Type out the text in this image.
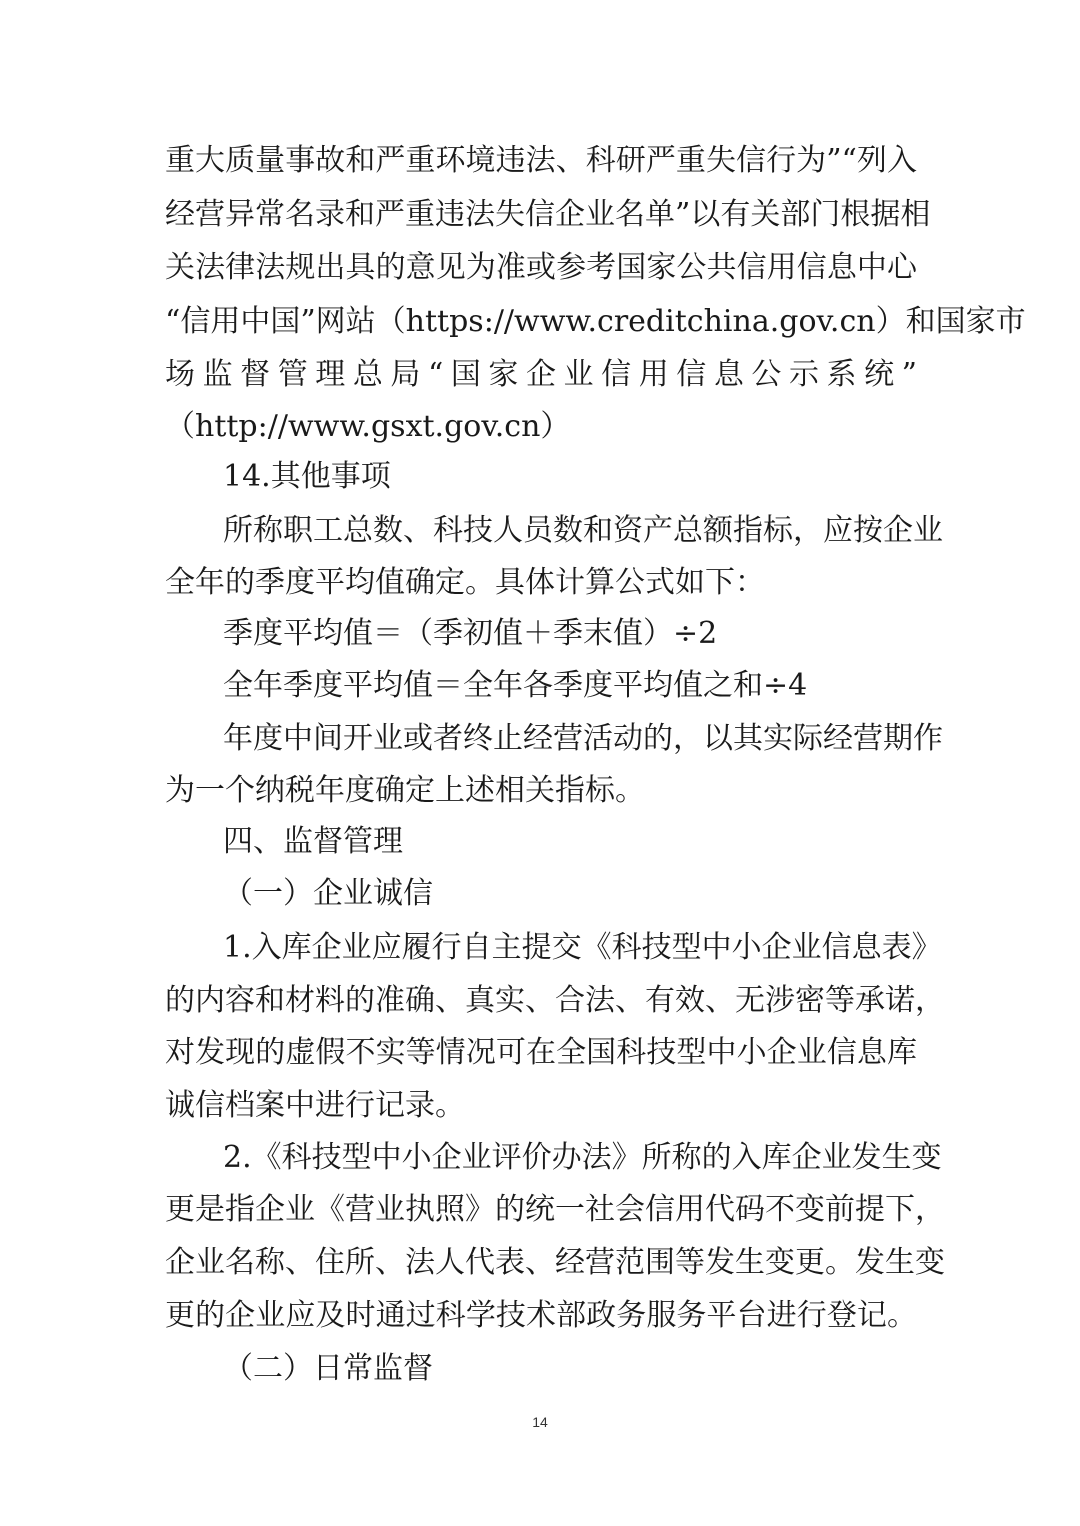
重大质量事故和严重环境违法、科研严重失信行为”“列入
经营异常名录和严重违法失信企业名单”以有关部门根据相
关法律法规出具的意见为准或参考国家公共信用信息中心
“信用中国”网站（https://www.creditchina.gov.cn）和国家市
场监督管理总局“国家企业信用信息公示系统”
（http://www.gsxt.gov.cn）
14.其他事项
所称职工总数、科技人员数和资产总额指标，应按企业
全年的季度平均值确定。具体计算公式如下：
季度平均值＝（季初值＋季末值）÷2
全年季度平均值＝全年各季度平均值之和÷4
年度中间开业或者终止经营活动的，以其实际经营期作
为一个纳税年度确定上述相关指标。
四、监督管理
（一）企业诚信
1.入库企业应履行自主提交《科技型中小企业信息表》
的内容和材料的准确、真实、合法、有效、无涉密等承诺，
对发现的虚假不实等情况可在全国科技型中小企业信息库
诚信档案中进行记录。
2.《科技型中小企业评价办法》所称的入库企业发生变
更是指企业《营业执照》的统一社会信用代码不变前提下，
企业名称、住所、法人代表、经营范围等发生变更。发生变
更的企业应及时通过科学技术部政务服务平台进行登记。
（二）日常监督
14
